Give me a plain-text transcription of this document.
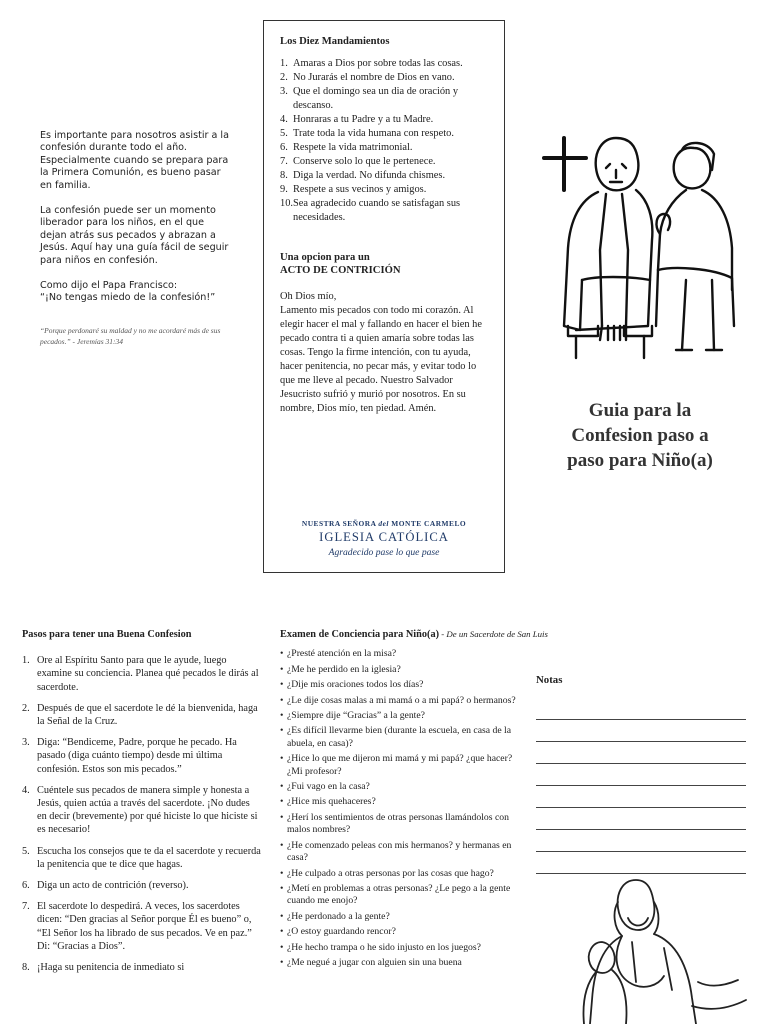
Es importante para nosotros asistir a la confesión durante todo el año. Especialmente cuando se prepara para la Primera Comunión, es bueno pasar en familia.

La confesión puede ser un momento liberador para los niños, en el que dejan atrás sus pecados y abrazan a Jesús. Aquí hay una guía fácil de seguir para niños en confesión.

Como dijo el Papa Francisco:
“¡No tengas miedo de la confesión!”

“Porque perdonaré su maldad y no me acordaré más de sus pecados.” - Jeremías 31:34

Los Diez Mandamientos
1. Amaras a Dios por sobre todas las cosas.
2. No Jurarás el nombre de Dios en vano.
3. Que el domingo sea un dia de oración y descanso.
4. Honraras a tu Padre y a tu Madre.
5. Trate toda la vida humana con respeto.
6. Respete la vida matrimonial.
7. Conserve solo lo que le pertenece.
8. Diga la verdad. No difunda chismes.
9. Respete a sus vecinos y amigos.
10. Sea agradecido cuando se satisfagan sus necesidades.
Una opcion para un
ACTO DE CONTRICIÓN

Oh Dios mío,
Lamento mis pecados con todo mi corazón. Al elegir hacer el mal y fallando en hacer el bien he pecado contra ti a quien amaría sobre todas las cosas. Tengo la firme intención, con tu ayuda, hacer penitencia, no pecar más, y evitar todo lo que me lleve al pecado. Nuestro Salvador Jesucristo sufrió y murió por nosotros. En su nombre, Dios mío, ten piedad. Amén.

NUESTRA SEÑORA del MONTE CARMELO
IGLESIA CATÓLICA
Agradecido pase lo que pase
Guia para la
Confesion paso a
paso para Niño(a)
Pasos para tener una Buena Confesion
1. Ore al Espíritu Santo para que le ayude, luego examine su conciencia. Planea qué pecados le dirás al sacerdote.
2. Después de que el sacerdote le dé la bienvenida, haga la Señal de la Cruz.
3. Diga: “Bendiceme, Padre, porque he pecado. Ha pasado (diga cuánto tiempo) desde mi última confesión. Estos son mis pecados.”
4. Cuéntele sus pecados de manera simple y honesta a Jesús, quien actúa a través del sacerdote. ¡No dudes en decir (brevemente) por qué hiciste lo que hiciste si es necesario!
5. Escucha los consejos que te da el sacerdote y recuerda la penitencia que te dice que hagas.
6. Diga un acto de contrición (reverso).
7. El sacerdote lo despedirá. A veces, los sacerdotes dicen: “Den gracias al Señor porque Él es bueno” o, “El Señor los ha librado de sus pecados. Ve en paz.” Di: “Gracias a Dios”.
8. ¡Haga su penitencia de inmediato si
Examen de Conciencia para Niño(a) - De un Sacerdote de San Luis
• ¿Presté atención en la misa?
• ¿Me he perdido en la iglesia?
• ¿Dije mis oraciones todos los días?
• ¿Le dije cosas malas a mi mamá o a mi papá? o hermanos?
• ¿Siempre dije “Gracias” a la gente?
• ¿Es difícil llevarme bien (durante la escuela, en casa de la abuela, en casa)?
• ¿Hice lo que me dijeron mi mamá y mi papá? ¿que hacer? ¿Mi profesor?
• ¿Fui vago en la casa?
• ¿Hice mis quehaceres?
• ¿Herí los sentimientos de otras personas llamándolos con malos nombres?
• ¿He comenzado peleas con mis hermanos? y hermanas en casa?
• ¿He culpado a otras personas por las cosas que hago?
• ¿Metí en problemas a otras personas? ¿Le pego a la gente cuando me enojo?
• ¿He perdonado a la gente?
• ¿O estoy guardando rencor?
• ¿He hecho trampa o he sido injusto en los juegos?
• ¿Me negué a jugar con alguien sin una buena
Notas
